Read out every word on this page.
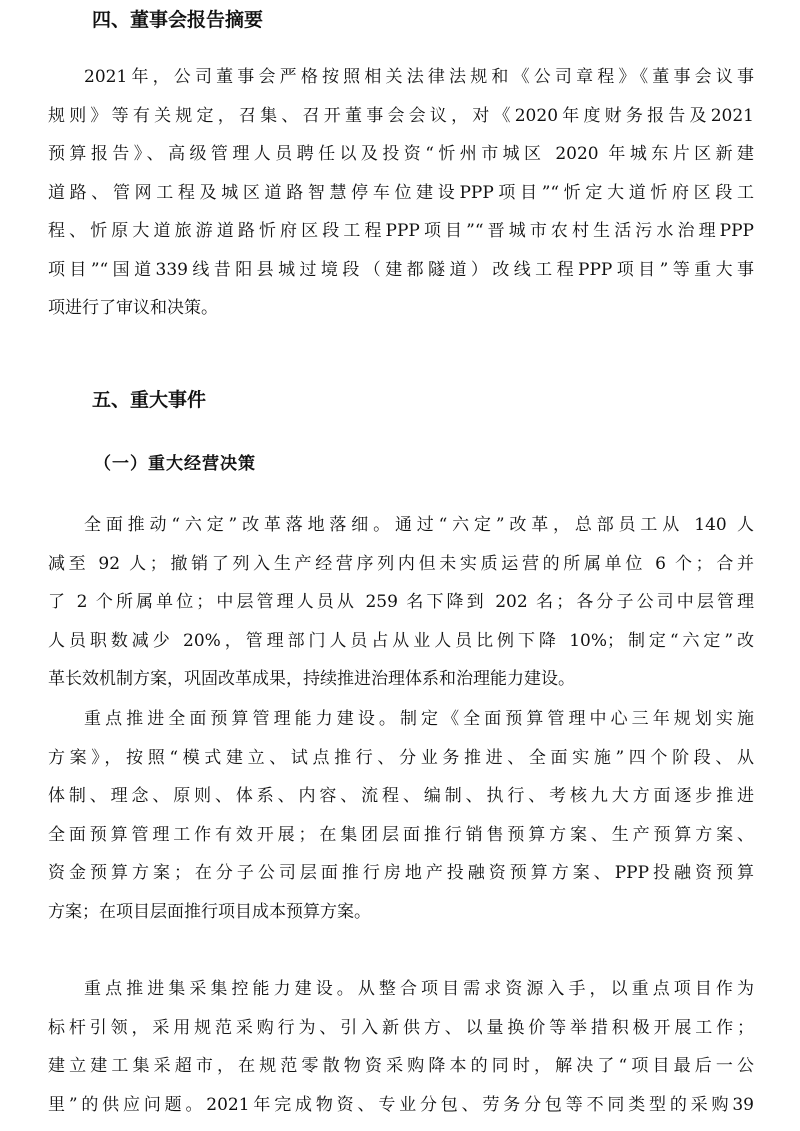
四、董事会报告摘要
2021年，公司董事会严格按照相关法律法规和《公司章程》《董事会议事
规则》等有关规定，召集、召开董事会会议，对《2020年度财务报告及2021
预算报告》、高级管理人员聘任以及投资“忻州市城区 2020 年城东片区新建
道路、管网工程及城区道路智慧停车位建设PPP项目”“忻定大道忻府区段工
程、忻原大道旅游道路忻府区段工程PPP项目”“晋城市农村生活污水治理PPP
项目”“国道339线昔阳县城过境段（建都隧道）改线工程PPP项目”等重大事
项进行了审议和决策。
五、重大事件
（一）重大经营决策
全面推动“六定”改革落地落细。通过“六定”改革，总部员工从 140 人
减至 92 人；撤销了列入生产经营序列内但未实质运营的所属单位 6 个；合并
了 2 个所属单位；中层管理人员从 259 名下降到 202 名；各分子公司中层管理
人员职数减少 20%，管理部门人员占从业人员比例下降 10%；制定“六定”改
革长效机制方案，巩固改革成果，持续推进治理体系和治理能力建设。
重点推进全面预算管理能力建设。制定《全面预算管理中心三年规划实施
方案》，按照“模式建立、试点推行、分业务推进、全面实施”四个阶段、从
体制、理念、原则、体系、内容、流程、编制、执行、考核九大方面逐步推进
全面预算管理工作有效开展；在集团层面推行销售预算方案、生产预算方案、
资金预算方案；在分子公司层面推行房地产投融资预算方案、PPP投融资预算
方案；在项目层面推行项目成本预算方案。
重点推进集采集控能力建设。从整合项目需求资源入手，以重点项目作为
标杆引领，采用规范采购行为、引入新供方、以量换价等举措积极开展工作；
建立建工集采超市，在规范零散物资采购降本的同时，解决了“项目最后一公
里”的供应问题。2021年完成物资、专业分包、劳务分包等不同类型的采购39
